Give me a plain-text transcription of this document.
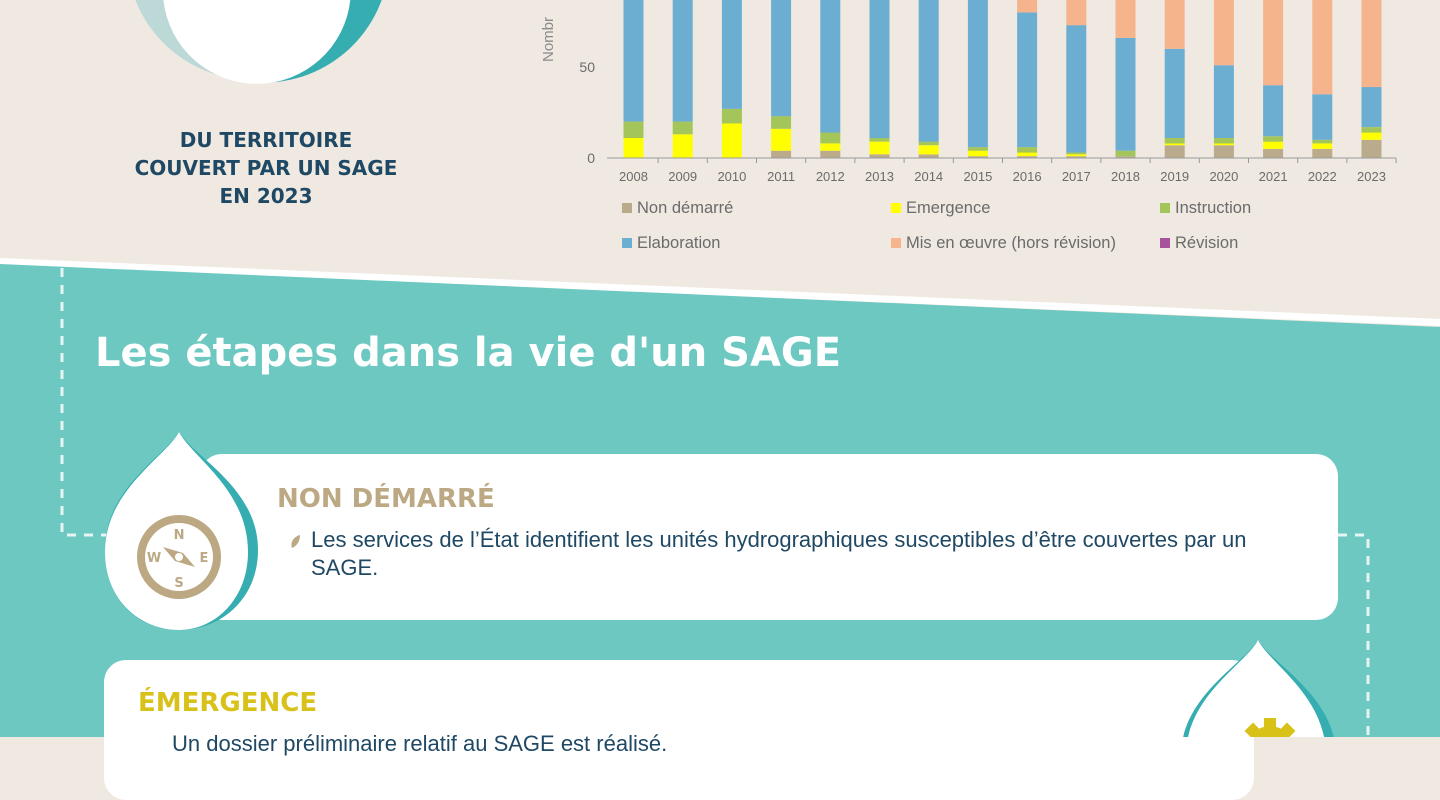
DU TERRITOIRE
COUVERT PAR UN SAGE
EN 2023
2008 2009 2010 2011 2012 2013 2014 2015 2016 2017 2018 2019 2020 2021 2022 2023
0
50
Nombr
Non démarré	Emergence	Instruction
Elaboration	Mis en œuvre (hors révision)	Révision
Les étapes dans la vie d'un SAGE
NON DÉMARRÉ
Les services de l’État identifient les unités hydrographiques susceptibles d’être couvertes par un SAGE.
N
E
S
W
ÉMERGENCE
Un dossier préliminaire relatif au SAGE est réalisé.
